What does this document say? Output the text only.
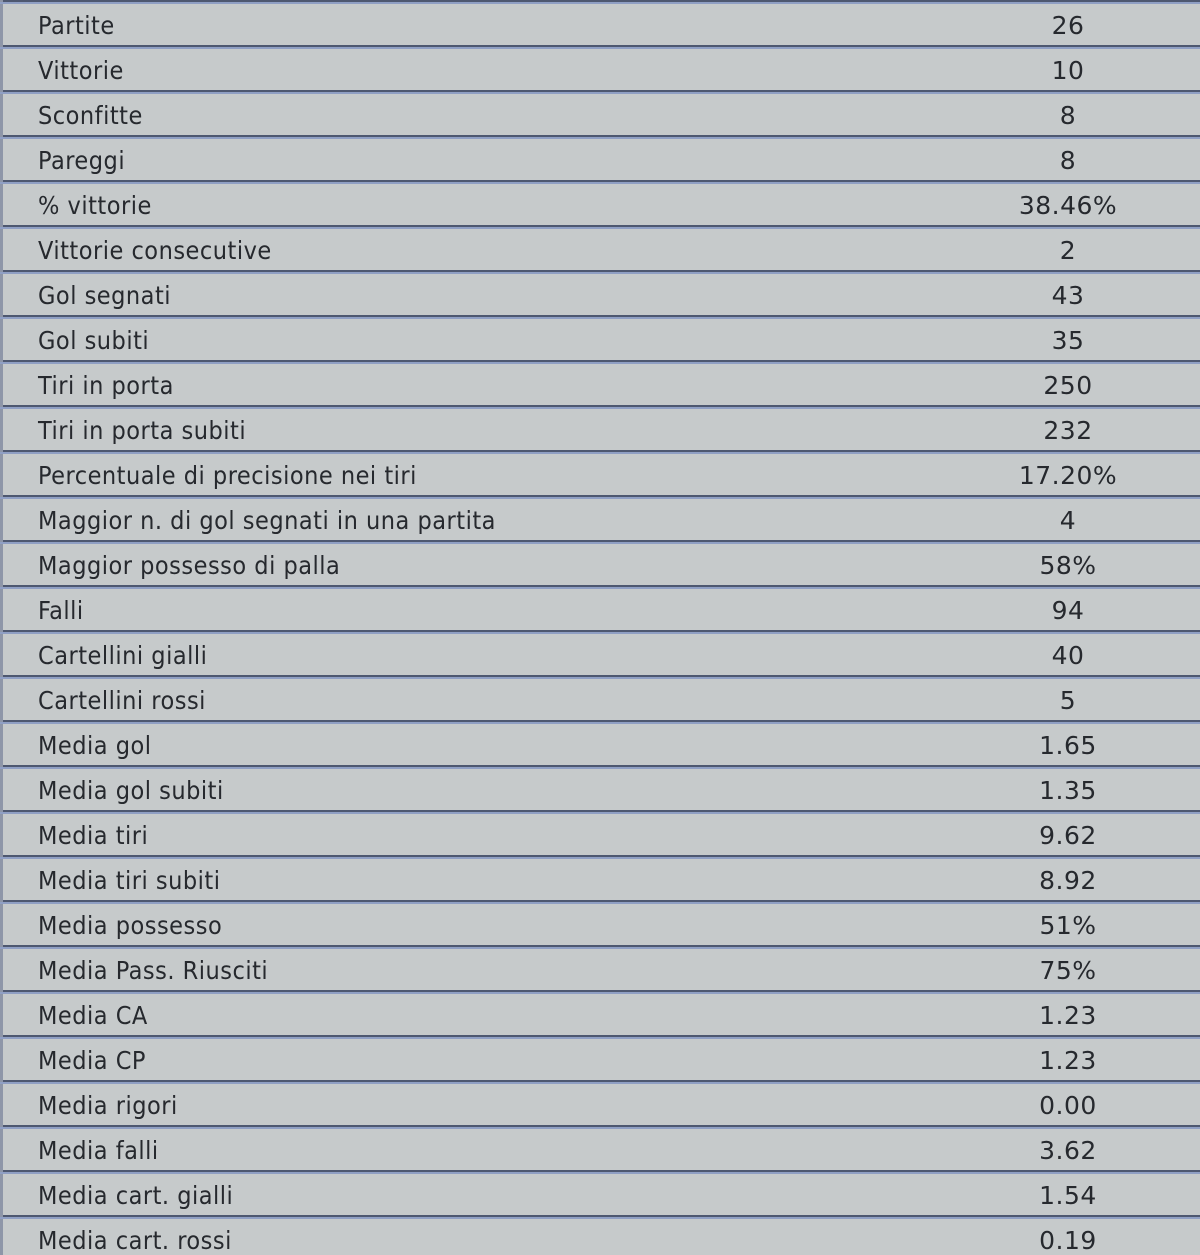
Partite	26
Vittorie	10
Sconfitte	8
Pareggi	8
% vittorie	38.46%
Vittorie consecutive	2
Gol segnati	43
Gol subiti	35
Tiri in porta	250
Tiri in porta subiti	232
Percentuale di precisione nei tiri	17.20%
Maggior n. di gol segnati in una partita	4
Maggior possesso di palla	58%
Falli	94
Cartellini gialli	40
Cartellini rossi	5
Media gol	1.65
Media gol subiti	1.35
Media tiri	9.62
Media tiri subiti	8.92
Media possesso	51%
Media Pass. Riusciti	75%
Media CA	1.23
Media CP	1.23
Media rigori	0.00
Media falli	3.62
Media cart. gialli	1.54
Media cart. rossi	0.19
